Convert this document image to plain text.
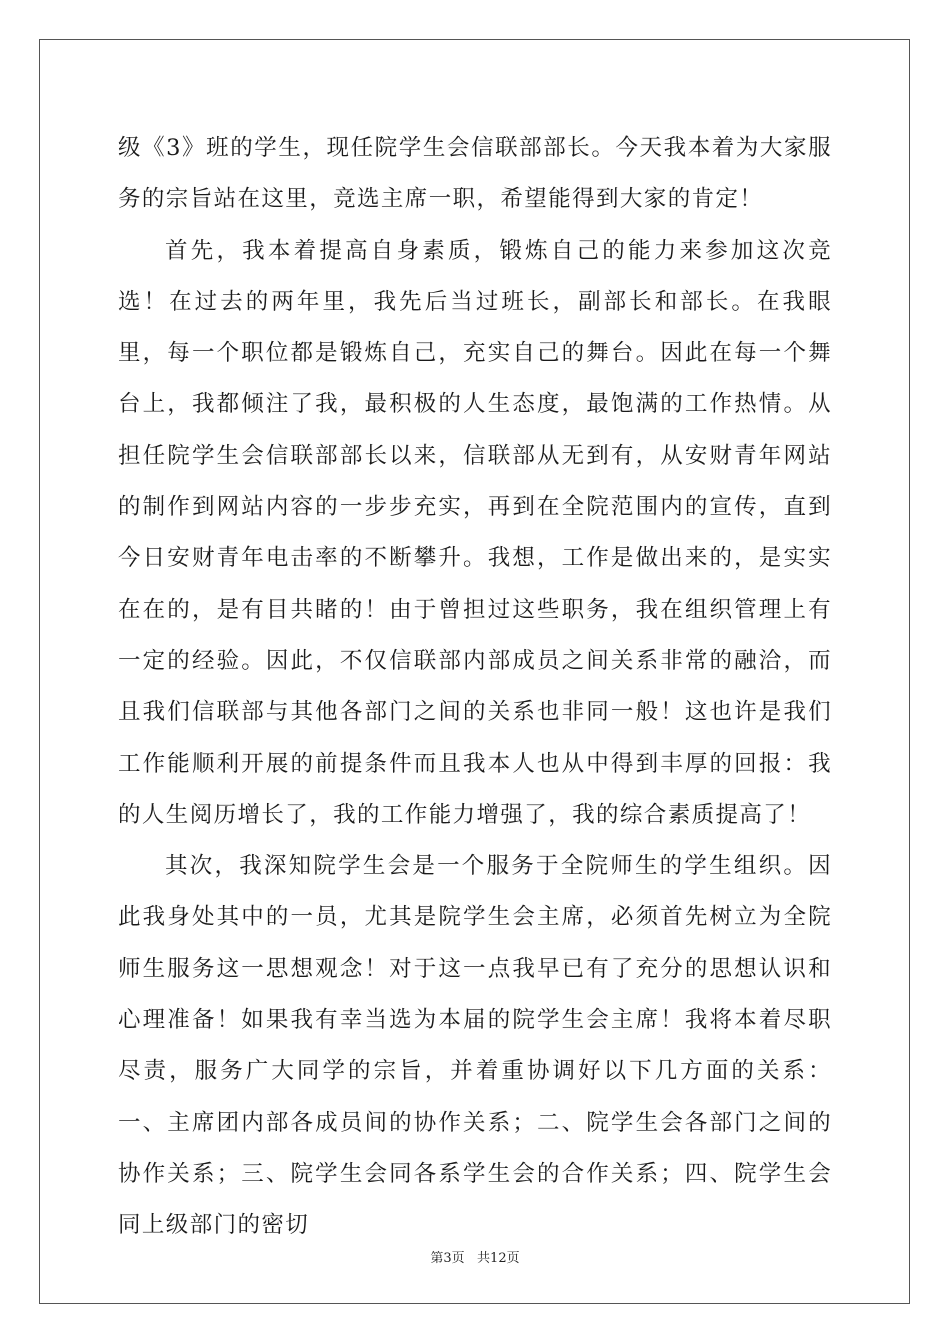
级《3》班的学生，现任院学生会信联部部长。今天我本着为大家服务的宗旨站在这里，竞选主席一职，希望能得到大家的肯定！

首先，我本着提高自身素质，锻炼自己的能力来参加这次竞选！在过去的两年里，我先后当过班长，副部长和部长。在我眼里，每一个职位都是锻炼自己，充实自己的舞台。因此在每一个舞台上，我都倾注了我，最积极的人生态度，最饱满的工作热情。从担任院学生会信联部部长以来，信联部从无到有，从安财青年网站的制作到网站内容的一步步充实，再到在全院范围内的宣传，直到今日安财青年电击率的不断攀升。我想，工作是做出来的，是实实在在的，是有目共睹的！由于曾担过这些职务，我在组织管理上有一定的经验。因此，不仅信联部内部成员之间关系非常的融洽，而且我们信联部与其他各部门之间的关系也非同一般！这也许是我们工作能顺利开展的前提条件而且我本人也从中得到丰厚的回报：我的人生阅历增长了，我的工作能力增强了，我的综合素质提高了！

其次，我深知院学生会是一个服务于全院师生的学生组织。因此我身处其中的一员，尤其是院学生会主席，必须首先树立为全院师生服务这一思想观念！对于这一点我早已有了充分的思想认识和心理准备！如果我有幸当选为本届的院学生会主席！我将本着尽职尽责，服务广大同学的宗旨，并着重协调好以下几方面的关系：一、主席团内部各成员间的协作关系；二、院学生会各部门之间的协作关系；三、院学生会同各系学生会的合作关系；四、院学生会同上级部门的密切

第3页   共12页
